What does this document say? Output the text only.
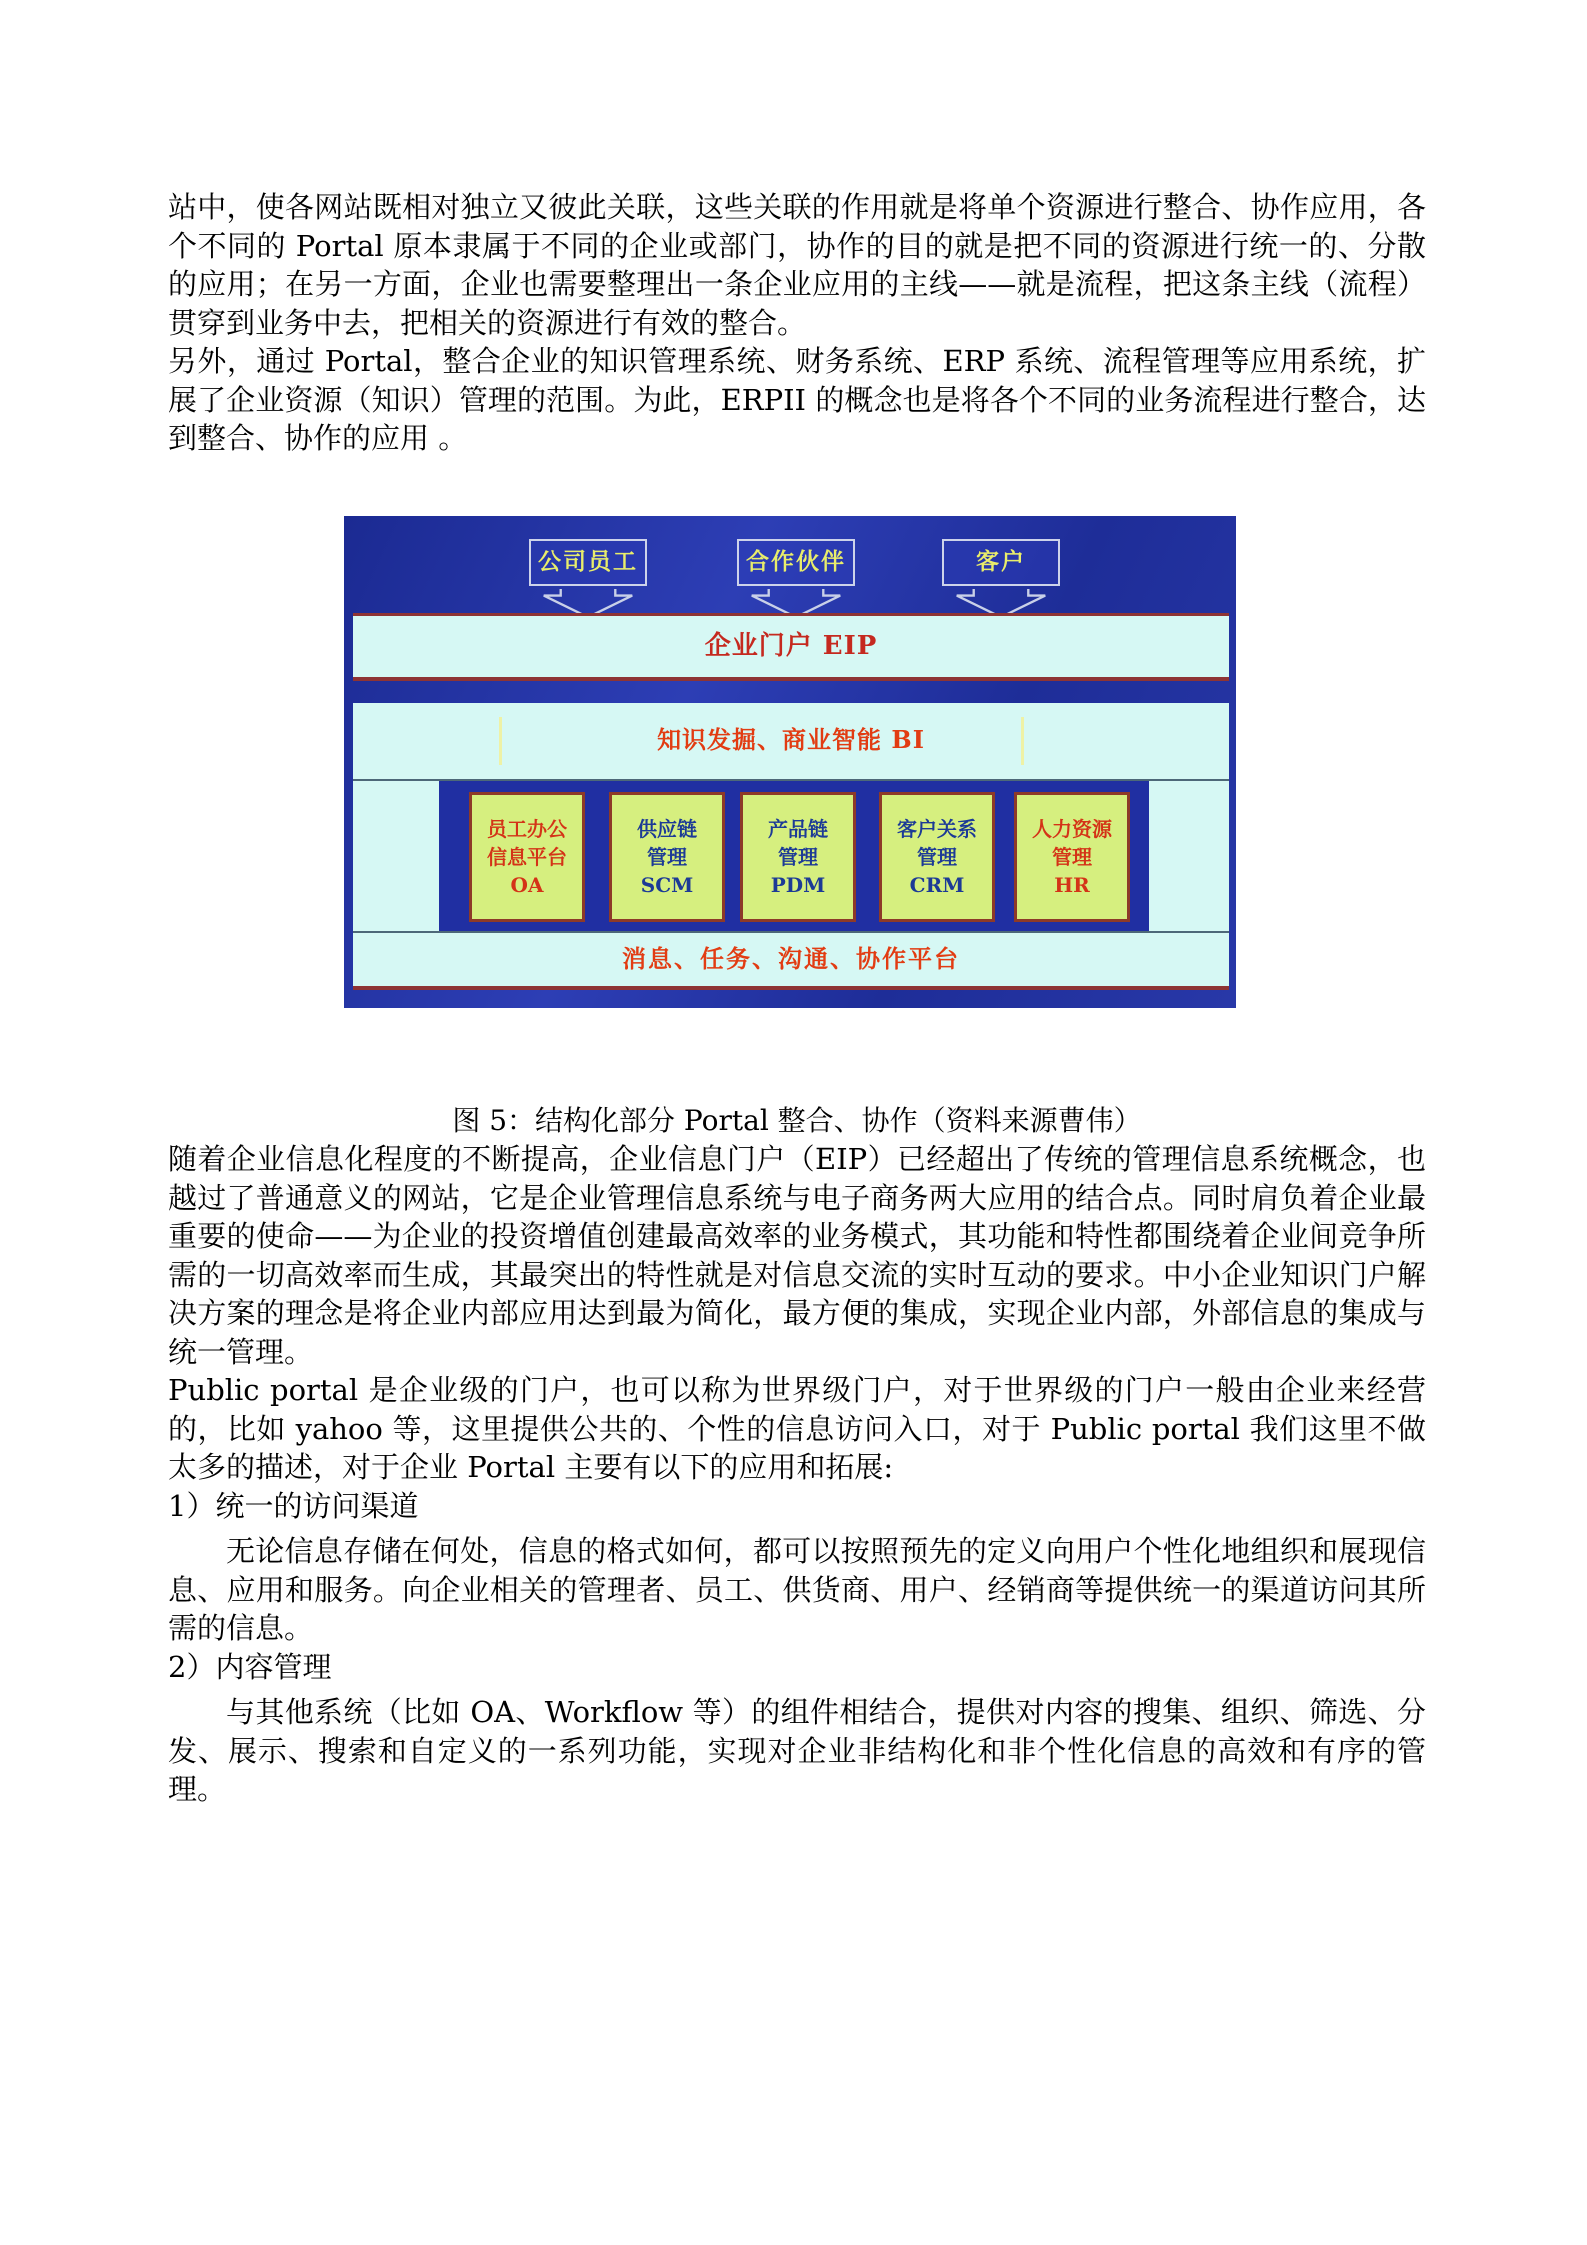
站中，使各网站既相对独立又彼此关联，这些关联的作用就是将单个资源进行整合、协作应用，各个不同的 Portal 原本隶属于不同的企业或部门，协作的目的就是把不同的资源进行统一的、分散的应用；在另一方面，企业也需要整理出一条企业应用的主线——就是流程，把这条主线（流程）贯穿到业务中去，把相关的资源进行有效的整合。

另外，通过 Portal，整合企业的知识管理系统、财务系统、ERP 系统、流程管理等应用系统，扩展了企业资源（知识）管理的范围。为此，ERPII 的概念也是将各个不同的业务流程进行整合，达到整合、协作的应用 。

公司员工	合作伙伴	客户
企业门户 EIP
知识发掘、商业智能 BI
员工办公
信息平台
OA
供应链
管理
SCM
产品链
管理
PDM
客户关系
管理
CRM
人力资源
管理
HR
消息、任务、沟通、协作平台
图 5：结构化部分 Portal 整合、协作（资料来源曹伟）

随着企业信息化程度的不断提高，企业信息门户（EIP）已经超出了传统的管理信息系统概念，也越过了普通意义的网站，它是企业管理信息系统与电子商务两大应用的结合点。同时肩负着企业最重要的使命——为企业的投资增值创建最高效率的业务模式，其功能和特性都围绕着企业间竞争所需的一切高效率而生成，其最突出的特性就是对信息交流的实时互动的要求。中小企业知识门户解决方案的理念是将企业内部应用达到最为简化，最方便的集成，实现企业内部，外部信息的集成与统一管理。

Public portal 是企业级的门户，也可以称为世界级门户，对于世界级的门户一般由企业来经营的，比如 yahoo 等，这里提供公共的、个性的信息访问入口，对于 Public portal 我们这里不做太多的描述，对于企业 Portal 主要有以下的应用和拓展:

1）统一的访问渠道

无论信息存储在何处，信息的格式如何，都可以按照预先的定义向用户个性化地组织和展现信息、应用和服务。向企业相关的管理者、员工、供货商、用户、经销商等提供统一的渠道访问其所需的信息。

2）内容管理

与其他系统（比如 OA、Workflow 等）的组件相结合，提供对内容的搜集、组织、筛选、分发、展示、搜索和自定义的一系列功能，实现对企业非结构化和非个性化信息的高效和有序的管理。
